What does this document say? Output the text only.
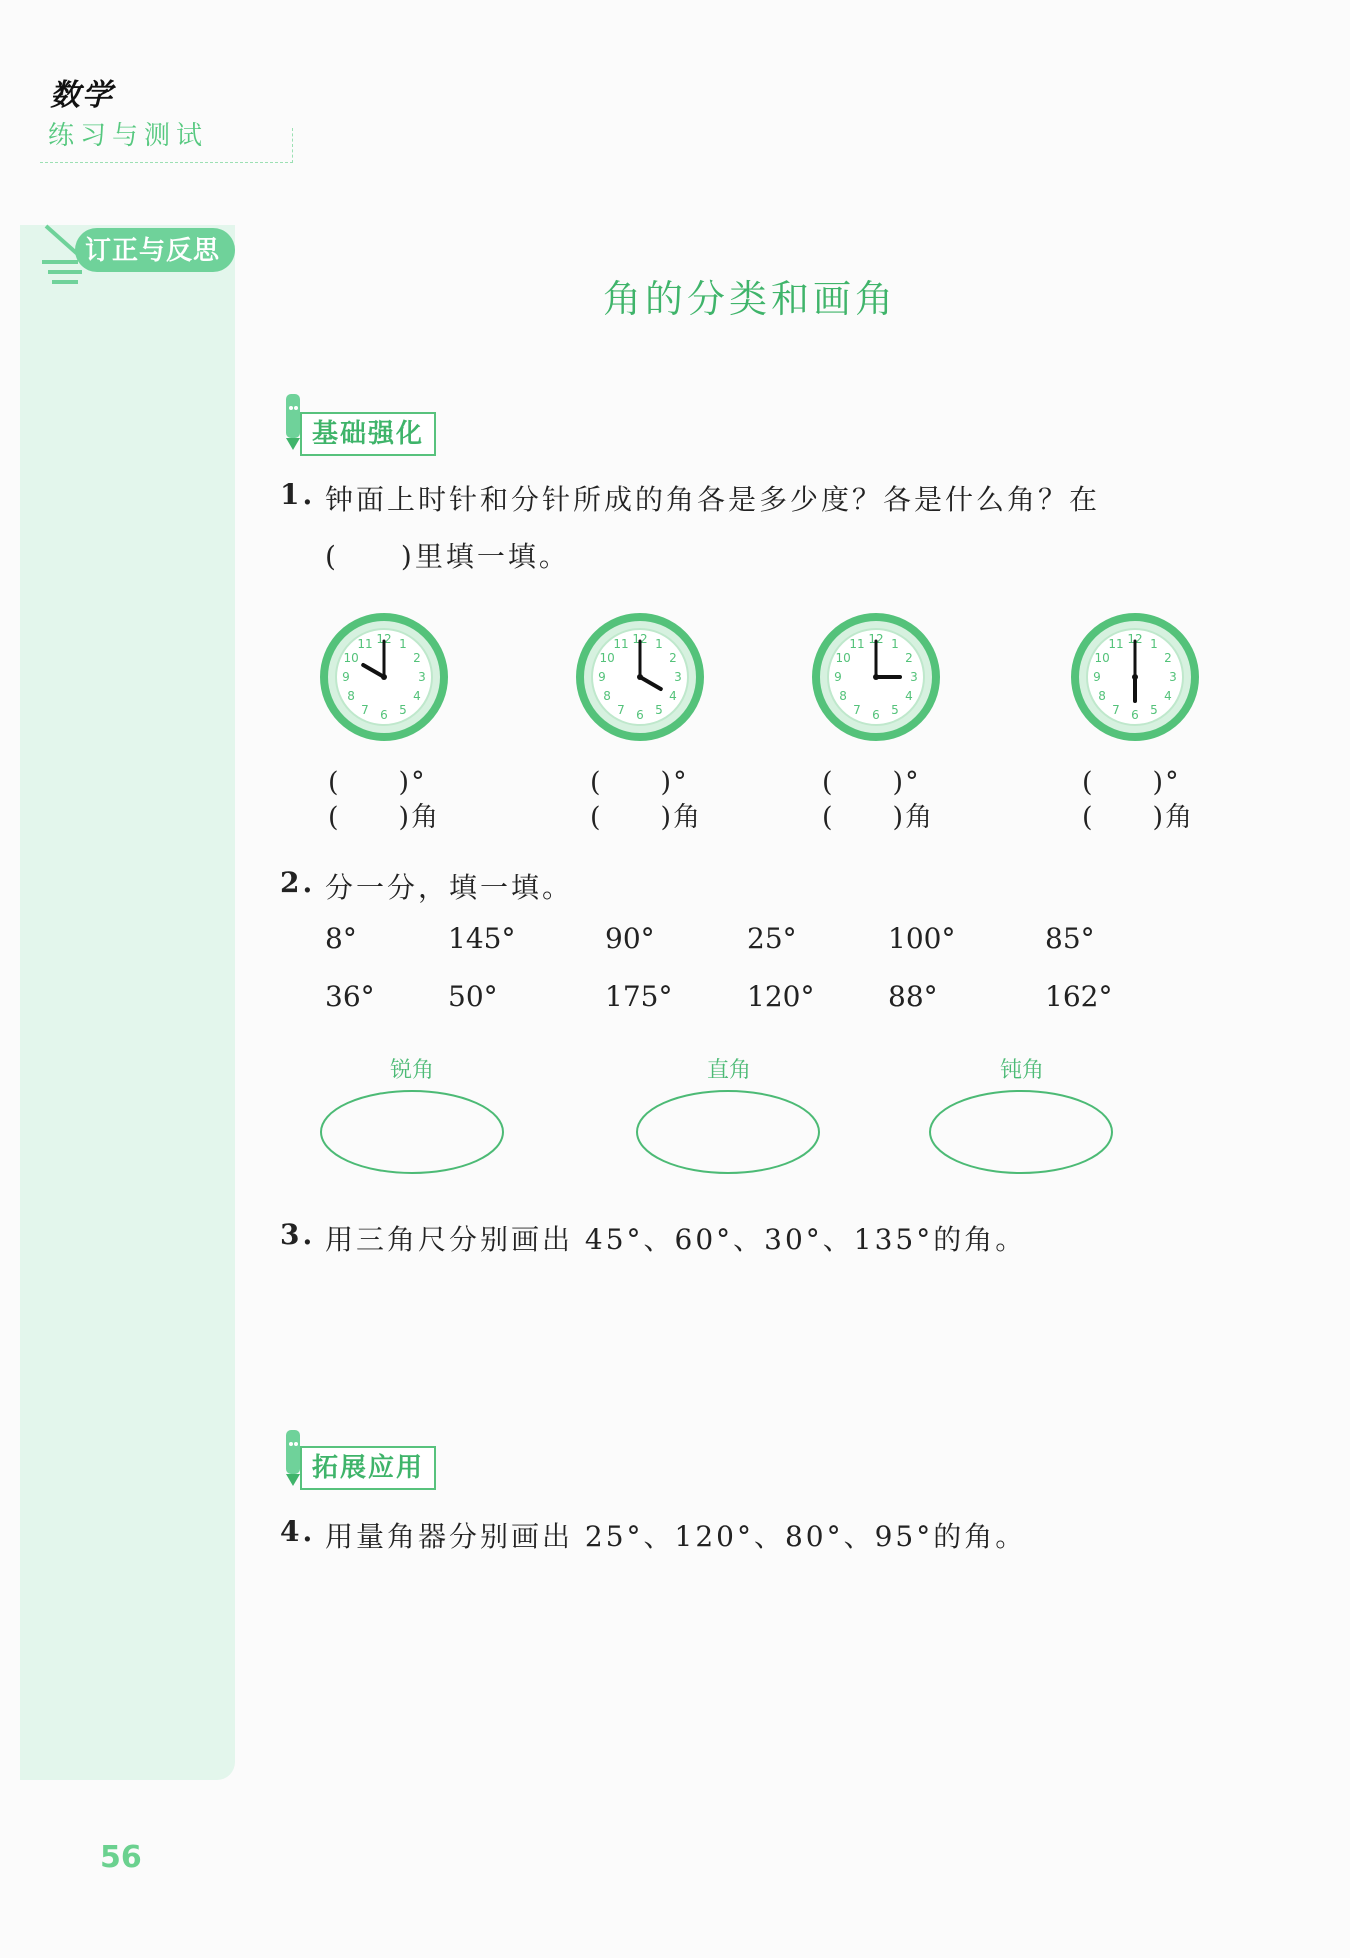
数学
练习与测试
订正与反思
角的分类和画角
基础强化
1. 钟面上时针和分针所成的角各是多少度？各是什么角？在
(　　)里填一填。
1
2
3
4
5
6
7
8
9
10
11 12	1
2
3
4
5
6
7
8
9
10
11 12	1
2
3
4
5
6
7
8
9
10
11 12	1
2
3
4
5
6
7
8
9
10
11 12
(　　)°
(　　)角
(　　)°
(　　)角
(　　)°
(　　)角
(　　)°
(　　)角
2. 分一分，填一填。
8°	145°	90°	25°	100°	85°
36°	50°	175°	120°	88°	162°
锐角	直角	钝角
3. 用三角尺分别画出 45°、60°、30°、135°的角。
拓展应用
4. 用量角器分别画出 25°、120°、80°、95°的角。
56
